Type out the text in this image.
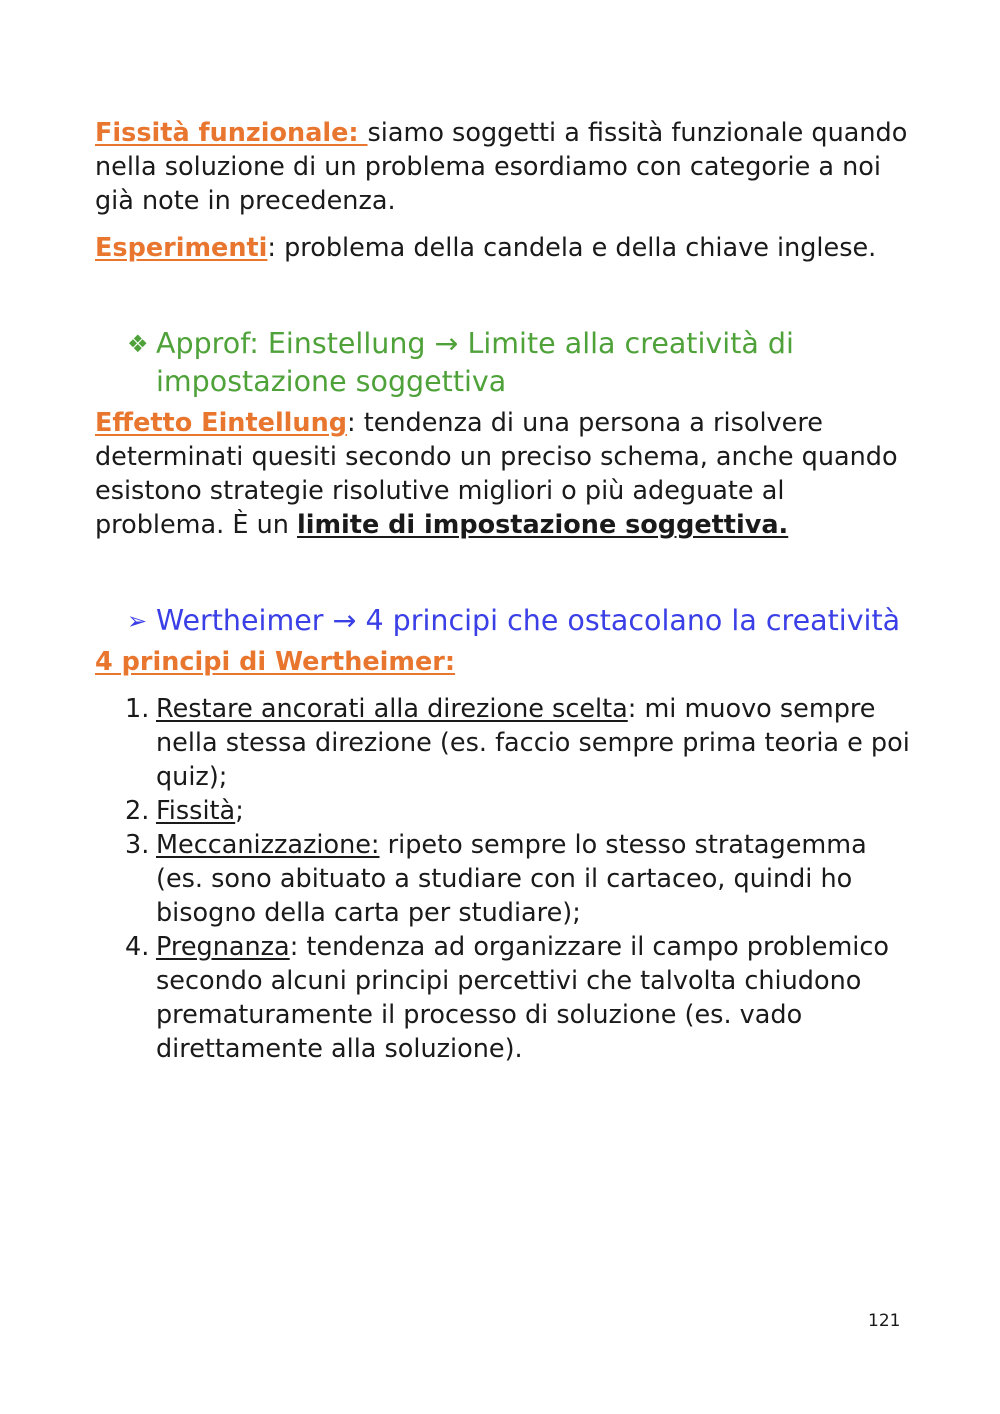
Fissità funzionale: siamo soggetti a fissità funzionale quando nella soluzione di un problema esordiamo con categorie a noi già note in precedenza.

Esperimenti: problema della candela e della chiave inglese.

❖ Approf: Einstellung → Limite alla creatività di impostazione soggettiva

Effetto Eintellung: tendenza di una persona a risolvere determinati quesiti secondo un preciso schema, anche quando esistono strategie risolutive migliori o più adeguate al problema. È un limite di impostazione soggettiva.

➢ Wertheimer → 4 principi che ostacolano la creatività

4 principi di Wertheimer:

1. Restare ancorati alla direzione scelta: mi muovo sempre nella stessa direzione (es. faccio sempre prima teoria e poi quiz);
2. Fissità;
3. Meccanizzazione: ripeto sempre lo stesso stratagemma (es. sono abituato a studiare con il cartaceo, quindi ho bisogno della carta per studiare);
4. Pregnanza: tendenza ad organizzare il campo problemico secondo alcuni principi percettivi che talvolta chiudono prematuramente il processo di soluzione (es. vado direttamente alla soluzione).
121
